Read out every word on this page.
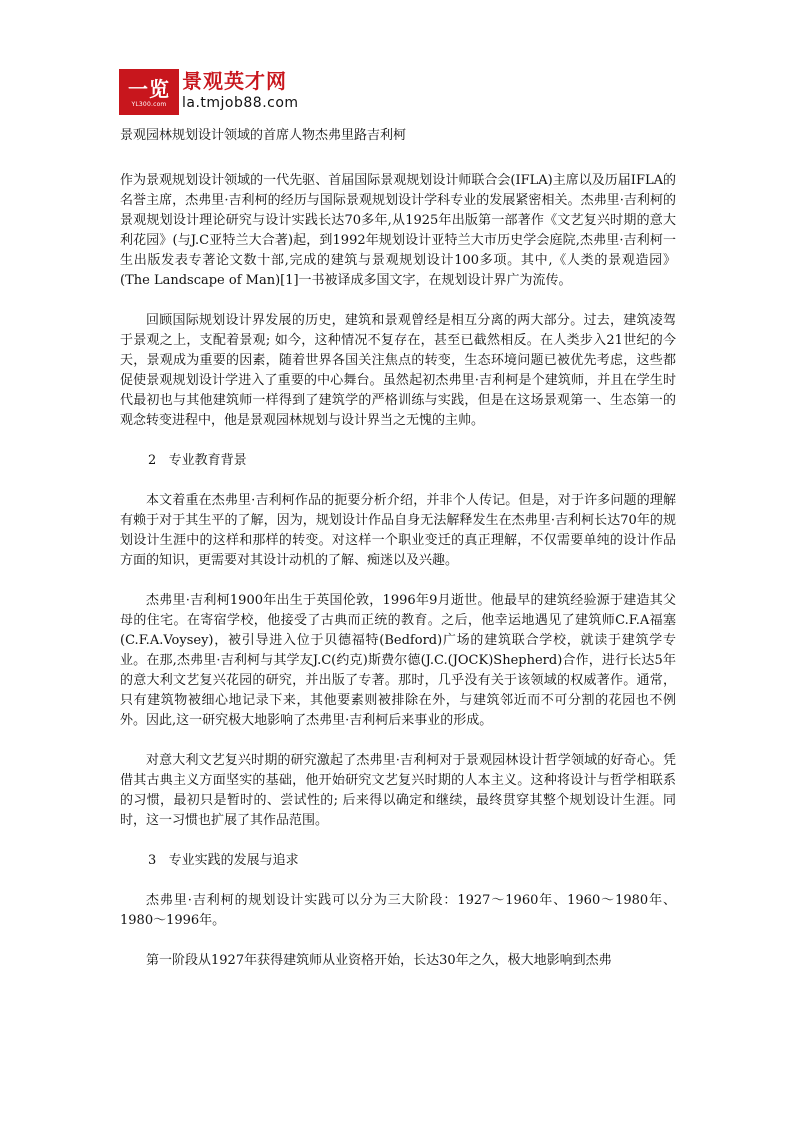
一览
YL300.com
景观英才网
la.tmjob88.com
景观园林规划设计领域的首席人物杰弗里路吉利柯

作为景观规划设计领域的一代先驱、首届国际景观规划设计师联合会(IFLA)主席以及历届IFLA的名誉主席，杰弗里·吉利柯的经历与国际景观规划设计学科专业的发展紧密相关。杰弗里·吉利柯的景观规划设计理论研究与设计实践长达70多年,从1925年出版第一部著作《文艺复兴时期的意大利花园》(与J.C亚特兰大合著)起，到1992年规划设计亚特兰大市历史学会庭院,杰弗里·吉利柯一生出版发表专著论文数十部,完成的建筑与景观规划设计100多项。其中,《人类的景观造园》(The Landscape of Man)[1]一书被译成多国文字，在规划设计界广为流传。

回顾国际规划设计界发展的历史，建筑和景观曾经是相互分离的两大部分。过去，建筑凌驾于景观之上，支配着景观; 如今，这种情况不复存在，甚至已截然相反。在人类步入21世纪的今天，景观成为重要的因素，随着世界各国关注焦点的转变，生态环境问题已被优先考虑，这些都促使景观规划设计学进入了重要的中心舞台。虽然起初杰弗里·吉利柯是个建筑师，并且在学生时代最初也与其他建筑师一样得到了建筑学的严格训练与实践，但是在这场景观第一、生态第一的观念转变进程中，他是景观园林规划与设计界当之无愧的主帅。

2   专业教育背景

本文着重在杰弗里·吉利柯作品的扼要分析介绍，并非个人传记。但是，对于许多问题的理解有赖于对于其生平的了解，因为，规划设计作品自身无法解释发生在杰弗里·吉利柯长达70年的规划设计生涯中的这样和那样的转变。对这样一个职业变迁的真正理解，不仅需要单纯的设计作品方面的知识，更需要对其设计动机的了解、痴迷以及兴趣。

杰弗里·吉利柯1900年出生于英国伦敦，1996年9月逝世。他最早的建筑经验源于建造其父母的住宅。在寄宿学校，他接受了古典而正统的教育。之后，他幸运地遇见了建筑师C.F.A福塞(C.F.A.Voysey)，被引导进入位于贝德福特(Bedford)广场的建筑联合学校，就读于建筑学专业。在那,杰弗里·吉利柯与其学友J.C(约克)斯费尔德(J.C.(JOCK)Shepherd)合作，进行长达5年的意大利文艺复兴花园的研究，并出版了专著。那时，几乎没有关于该领域的权威著作。通常，只有建筑物被细心地记录下来，其他要素则被排除在外，与建筑邻近而不可分割的花园也不例外。因此,这一研究极大地影响了杰弗里·吉利柯后来事业的形成。

对意大利文艺复兴时期的研究激起了杰弗里·吉利柯对于景观园林设计哲学领域的好奇心。凭借其古典主义方面坚实的基础，他开始研究文艺复兴时期的人本主义。这种将设计与哲学相联系的习惯，最初只是暂时的、尝试性的; 后来得以确定和继续，最终贯穿其整个规划设计生涯。同时，这一习惯也扩展了其作品范围。

3   专业实践的发展与追求

杰弗里·吉利柯的规划设计实践可以分为三大阶段：1927～1960年、1960～1980年、1980～1996年。

第一阶段从1927年获得建筑师从业资格开始，长达30年之久，极大地影响到杰弗
